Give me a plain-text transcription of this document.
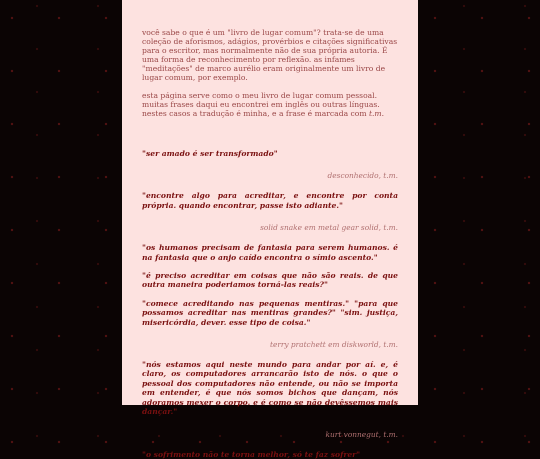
você sabe o que é um "livro de lugar comum"? trata-se de uma coleção de aforismos, adágios, provérbios e citações significativas para o escritor, mas normalmente não de sua própria autoria. É uma forma de reconhecimento por reflexão. as infames "meditações" de marco aurélio eram originalmente um livro de lugar comum, por exemplo.

esta página serve como o meu livro de lugar comum pessoal. muitas frases daqui eu encontrei em inglês ou outras línguas. nestes casos a tradução é minha, e a frase é marcada com t.m.

"ser amado é ser transformado"

desconhecido, t.m.

"encontre algo para acreditar, e encontre por conta própria. quando encontrar, passe isto adiante."

solid snake em metal gear solid, t.m.

"os humanos precisam de fantasia para serem humanos. é na fantasia que o anjo caído encontra o símio ascento."

"é preciso acreditar em coisas que não são reais. de que outra maneira poderiamos torná-las reais?"

"comece acreditando nas pequenas mentiras." "para que possamos acreditar nas mentiras grandes?" "sim. justiça, misericórdia, dever. esse tipo de coisa."

terry pratchett em diskworld, t.m.

"nós estamos aqui neste mundo para andar por aí. e, é claro, os computadores arrancarão isto de nós. o que o pessoal dos computadores não entende, ou não se importa em entender, é que nós somos bichos que dançam, nós adoramos mexer o corpo. e é como se não devêssemos mais dançar."

kurt vonnegut, t.m.

"o sofrimento não te torna melhor, só te faz sofrer"
